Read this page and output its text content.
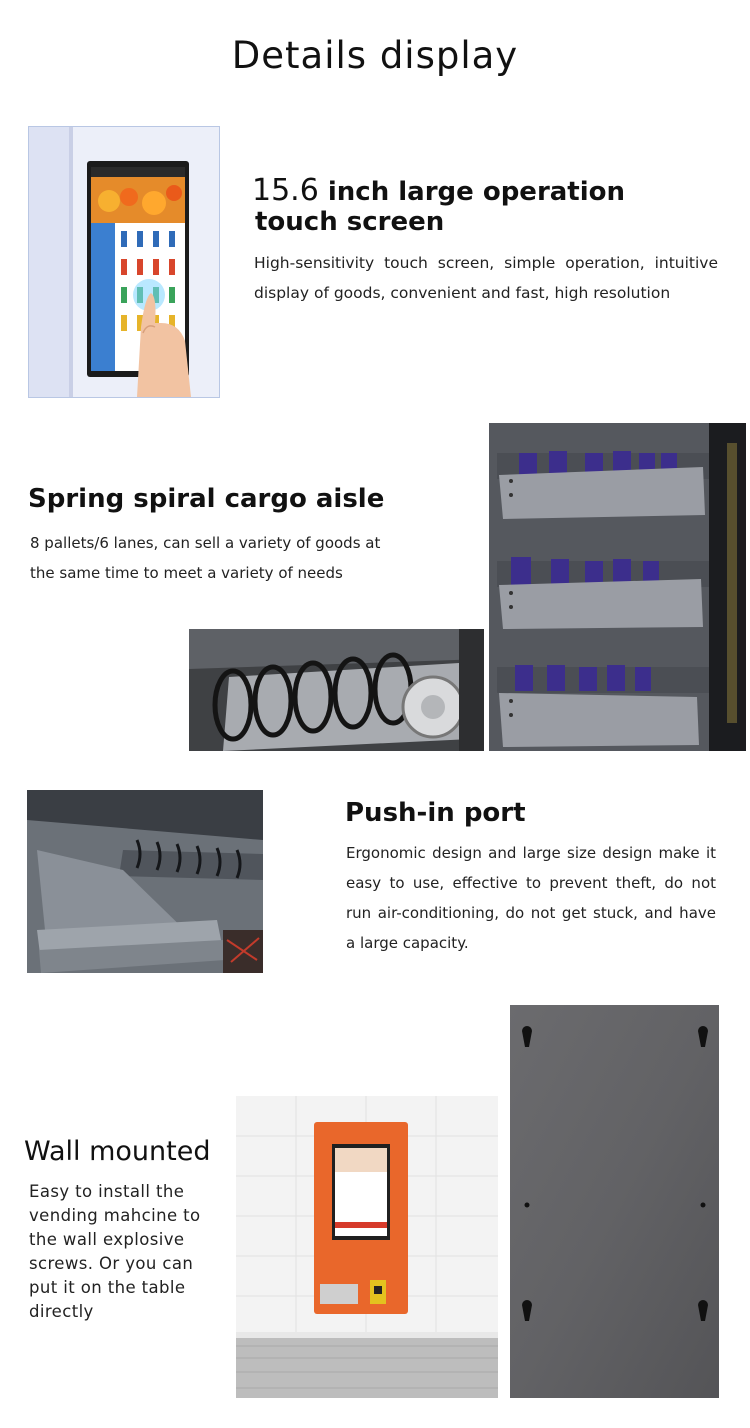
Details display
15.6 inch large operation
touch screen
High-sensitivity touch screen, simple operation, intuitive display of goods, convenient and fast, high resolution
Spring spiral cargo aisle
8 pallets/6 lanes, can sell a variety of goods at
the same time to meet a variety of needs
Push-in port
Ergonomic design and large size design make it easy to use, effective to prevent theft, do not run air-conditioning, do not get stuck, and have a large capacity.
Wall mounted
Easy to install the
vending mahcine to
the wall explosive
screws. Or you can
put it on the table
directly
